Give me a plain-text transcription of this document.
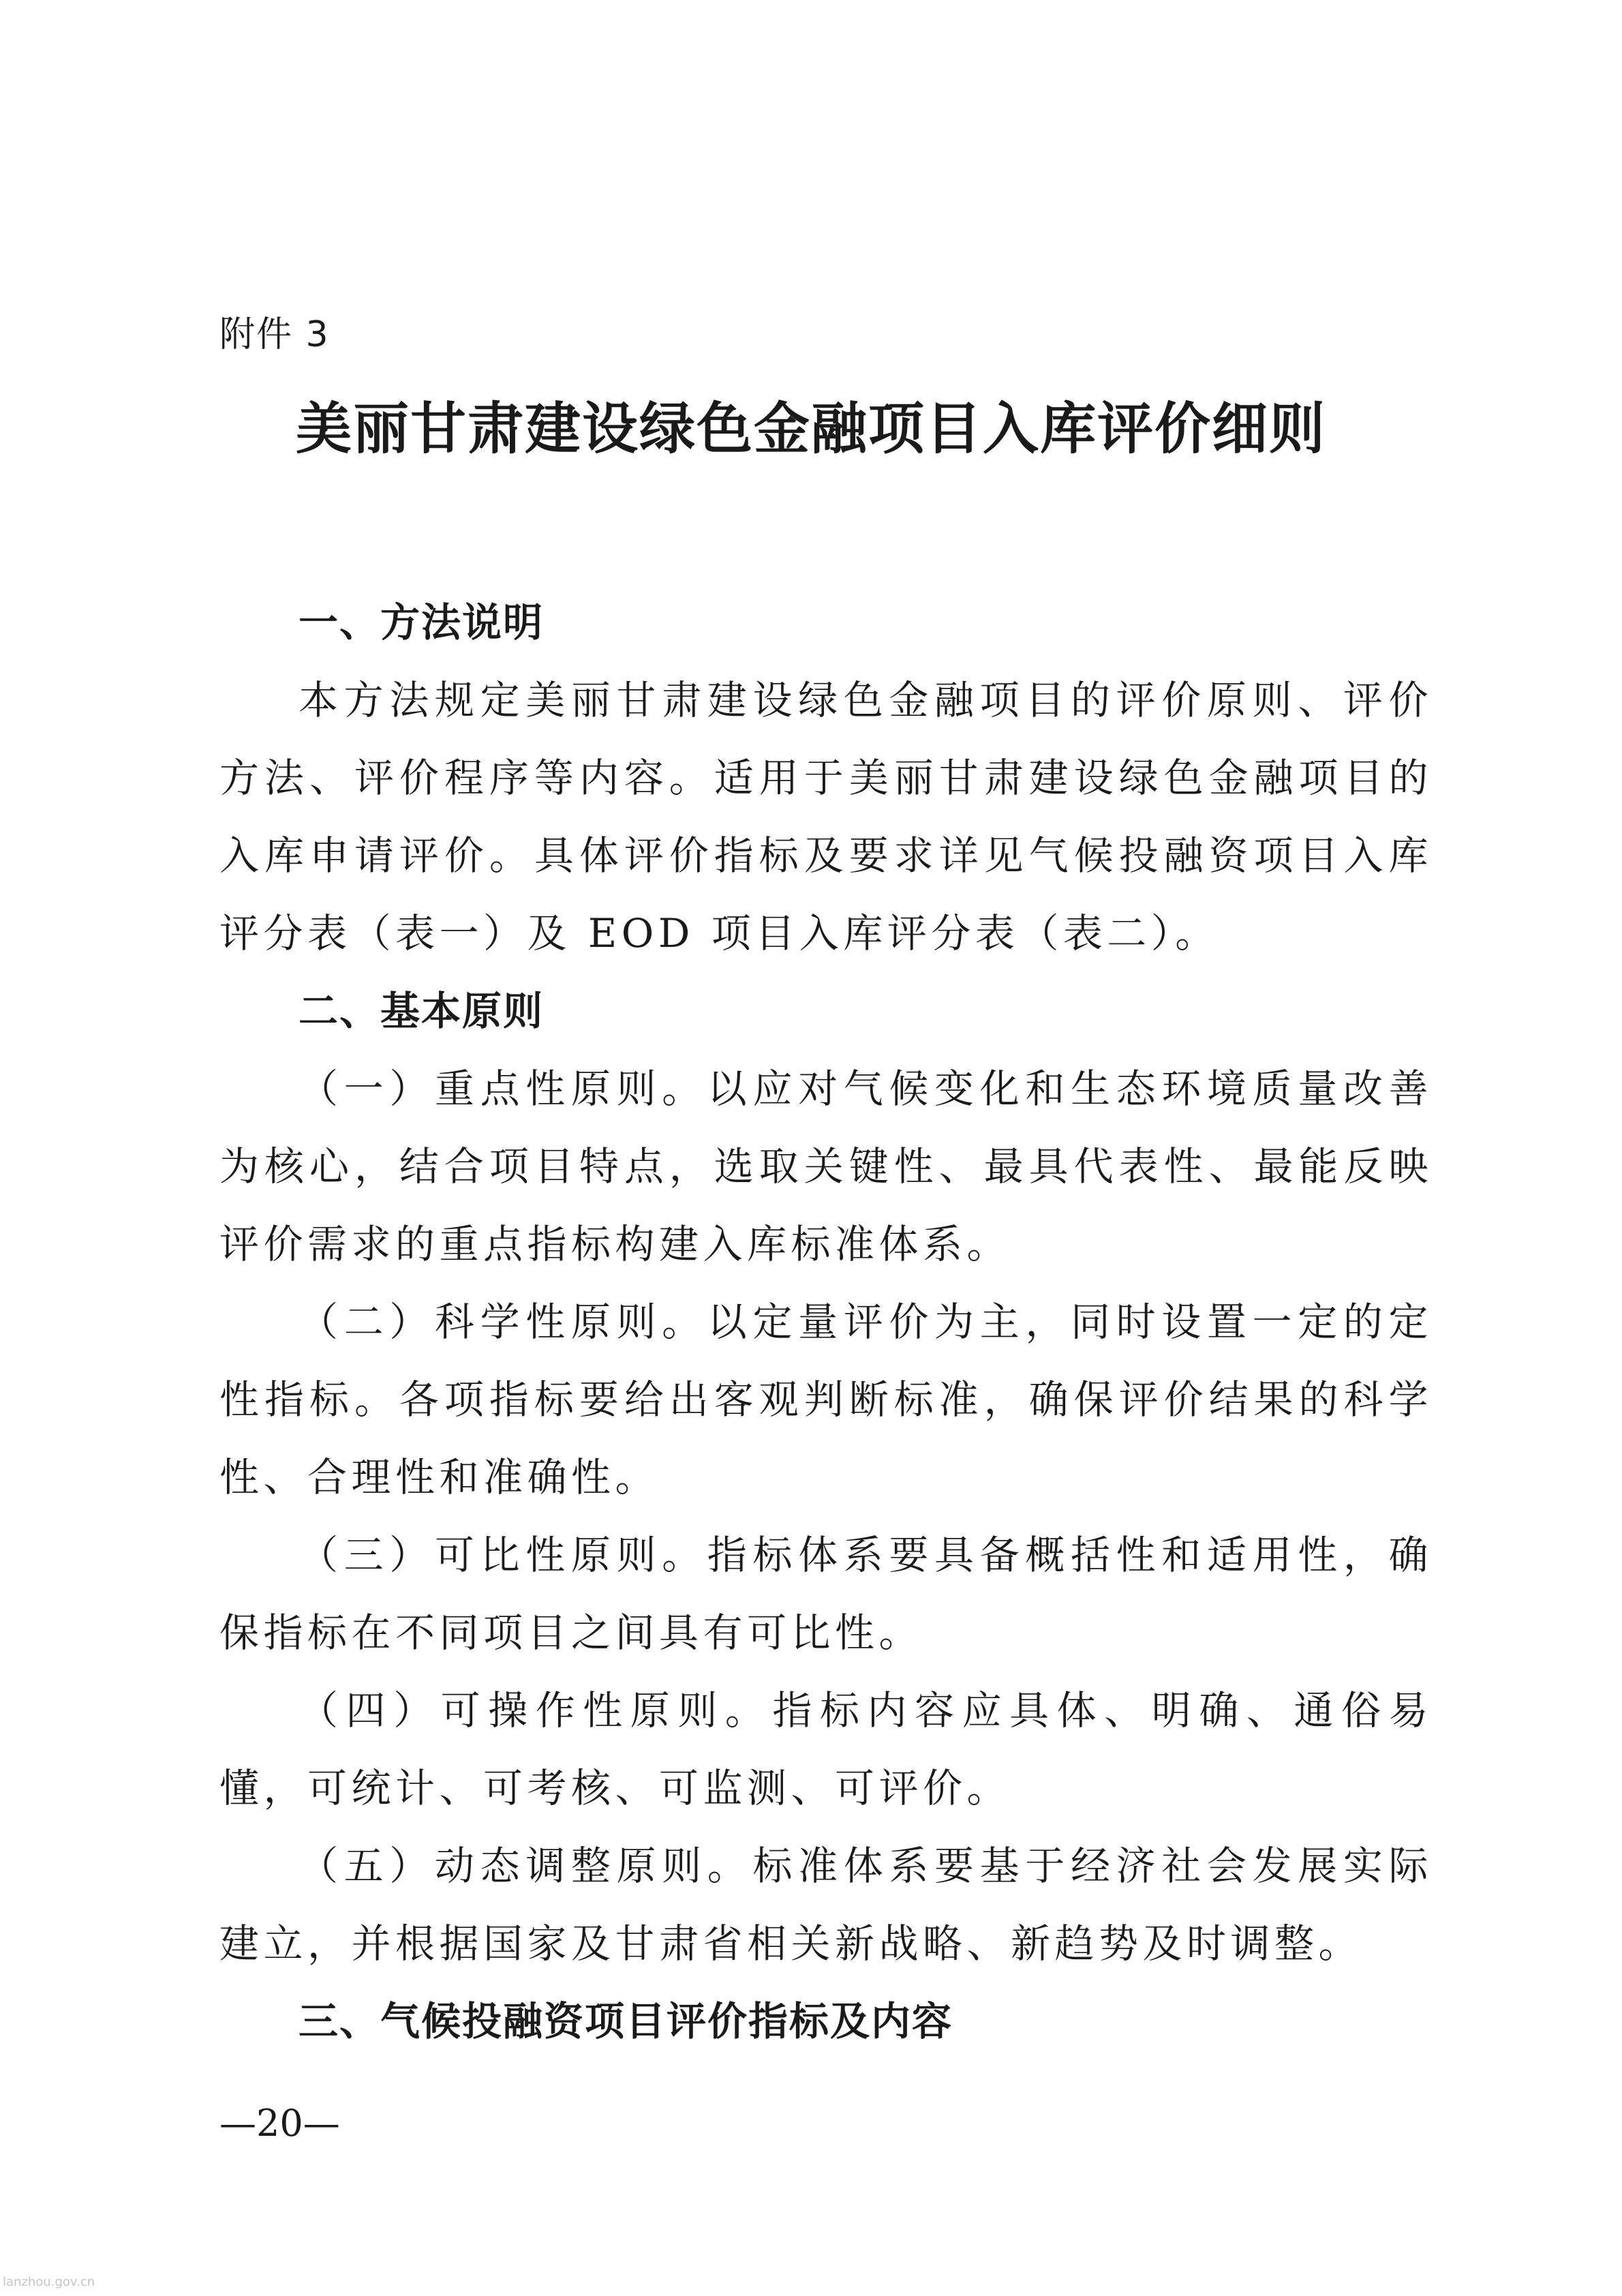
附件 3
美丽甘肃建设绿色金融项目入库评价细则
一、方法说明

本方法规定美丽甘肃建设绿色金融项目的评价原则、评价方法、评价程序等内容。适用于美丽甘肃建设绿色金融项目的入库申请评价。具体评价指标及要求详见气候投融资项目入库评分表（表一）及 EOD 项目入库评分表（表二）。

二、基本原则

（一）重点性原则。以应对气候变化和生态环境质量改善为核心，结合项目特点，选取关键性、最具代表性、最能反映评价需求的重点指标构建入库标准体系。

（二）科学性原则。以定量评价为主，同时设置一定的定性指标。各项指标要给出客观判断标准，确保评价结果的科学性、合理性和准确性。

（三）可比性原则。指标体系要具备概括性和适用性，确保指标在不同项目之间具有可比性。

（四）可操作性原则。指标内容应具体、明确、通俗易懂，可统计、可考核、可监测、可评价。

（五）动态调整原则。标准体系要基于经济社会发展实际建立，并根据国家及甘肃省相关新战略、新趋势及时调整。

三、气候投融资项目评价指标及内容
—20—
lanzhou.gov.cn
